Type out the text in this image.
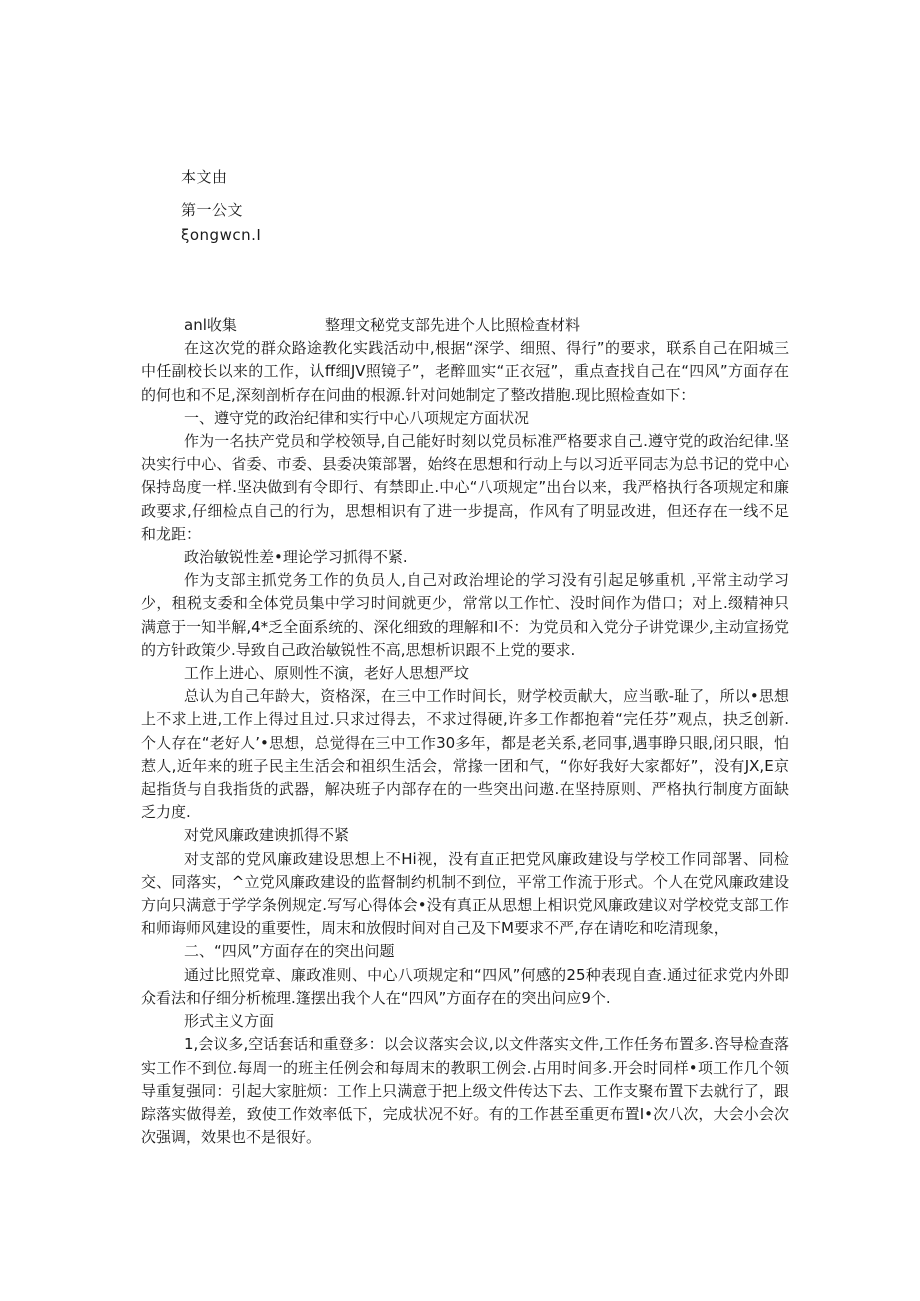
本文由
第一公文
ξongwcn.I
anl收集	整理文秘党支部先进个人比照检查材料

在这次党的群众路途教化实践活动中,根据“深学、细照、得行”的要求，联系自己在阳城三中任副校长以来的工作，认ff细JV照镜子”，老醉皿实“正衣冠”，重点查找自己在“四风”方面存在的何也和不足,深刻剖析存在问曲的根源.针对问她制定了整改措胞.现比照检查如下：

一、遵守党的政治纪律和实行中心八项规定方面状况

作为一名扶产党员和学校领导,自己能好时刻以党员标准严格要求自己.遵守党的政治纪律.坚决实行中心、省委、市委、县委决策部署，始终在思想和行动上与以习近平同志为总书记的党中心保持岛度一样.坚决做到有令即行、有禁即止.中心“八项规定”出台以来，我严格执行各项规定和廉政要求,仔细检点自己的行为，思想相识有了进一步提高，作风有了明显改进，但还存在一线不足和龙距：

政治敏锐性差•理论学习抓得不紧.

作为支部主抓党务工作的负员人,自己对政治埋论的学习没有引起足够重机 ,平常主动学习少，租税支委和全体党员集中学习时间就更少，常常以工作忙、没时间作为借口；对上.缀精神只满意于一知半解,4*乏全面系统的、深化细致的理解和I不：为党员和入党分子讲党课少,主动宣扬党的方针政策少.导致自己政治敏锐性不高,思想析识跟不上党的要求.

工作上进心、原则性不演，老好人思想严坟

总认为自己年龄大，资格深，在三中工作时间长，财学校贡献大，应当歌-耻了，所以•思想上不求上进,工作上得过且过.只求过得去，不求过得硬,许多工作都抱着“完任芬”观点，抉乏创新.个人存在“老好人’•思想，总觉得在三中工作30多年，都是老关系,老同事,遇事睁只眼,闭只眼，怕惹人,近年来的班子民主生活会和祖织生活会，常掾一团和气，“你好我好大家都好”，没有JX,E京起指货与自我指货的武器，解决班子内部存在的一些突出问遨.在坚持原则、严格执行制度方面缺乏力度.

对党风廉政建谀抓得不紧

对支部的党风廉政建设思想上不Hi视，没有直正把党风廉政建设与学校工作同部署、同检交、同落实，^立党风廉政建设的监督制约机制不到位，平常工作流于形式。个人在党风廉政建设方向只满意于学学条例规定.写写心得体会•没有真正从思想上相识党风廉政建议对学校党支部工作和师诲师风建设的重要性，周末和放假时间对自己及下M要求不严,存在请吃和吃清现象，

二、“四风”方面存在的突出问题

通过比照党章、廉政准则、中心八项规定和“四风”何感的25种表现自查.通过征求党内外即众看法和仔细分析梳理.篷摆出我个人在“四风”方面存在的突出问应9个.

形式主义方面

1,会议多,空话套话和重登多：以会议落实会议,以文件落实文件,工作任务布置多.咨导检查落实工作不到位.每周一的班主任例会和每周末的教职工例会.占用时间多.开会时同样•项工作几个领导重复强同：引起大家脏烦：工作上只满意于把上级文件传达下去、工作支聚布置下去就行了，跟踪落实做得差，致使工作效率低下，完成状况不好。有的工作甚至重更布置I•次八次，大会小会次次强调，效果也不是很好。
